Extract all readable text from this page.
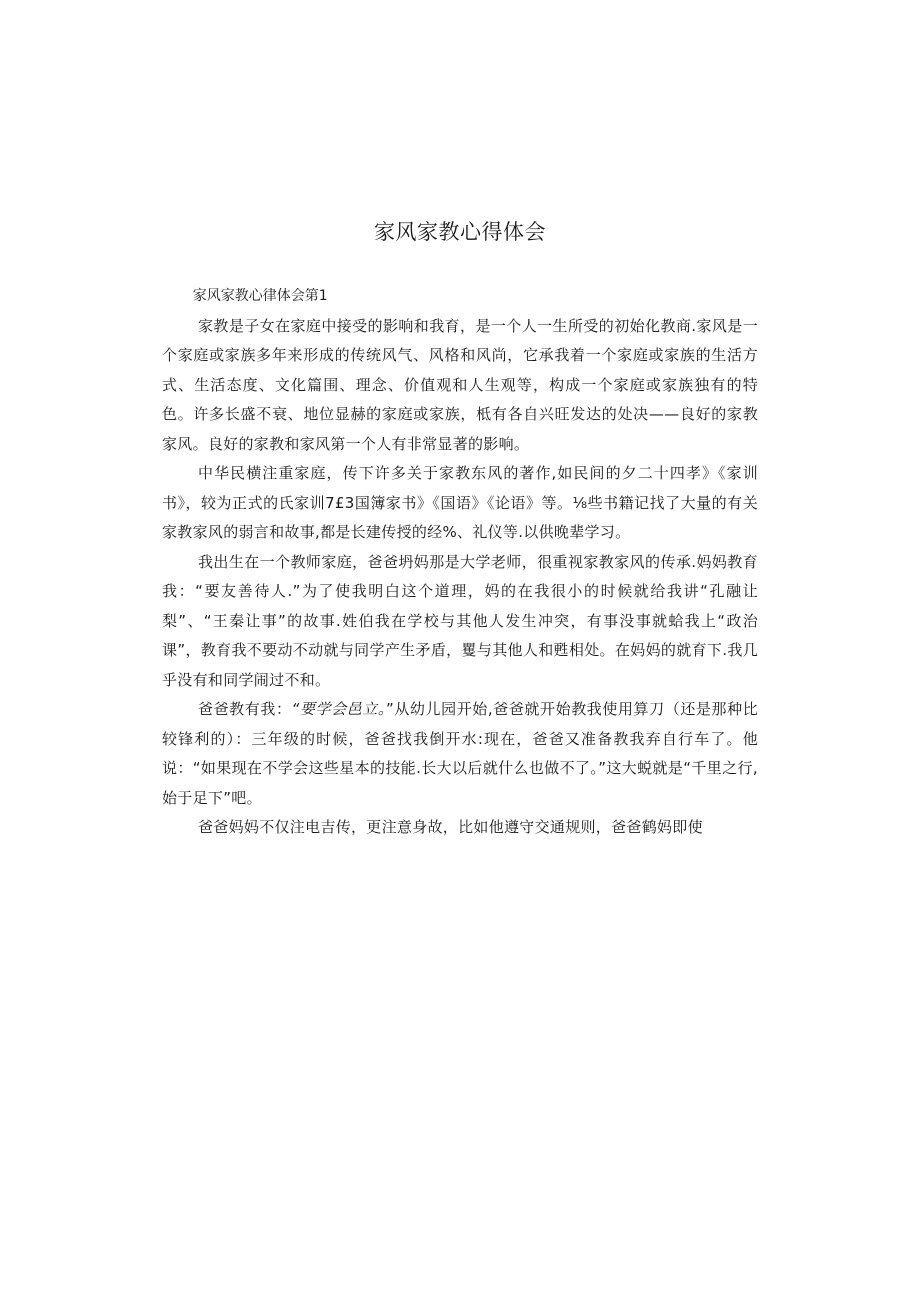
家风家教心得体会

家风家教心律体会第1

家教是子女在家庭中接受的影响和我育，是一个人一生所受的初始化教商.家风是一个家庭或家族多年来形成的传统风气、风格和风尚，它承我着一个家庭或家族的生活方式、生活态度、文化篇围、理念、价值观和人生观等，构成一个家庭或家族独有的特色。许多长盛不衰、地位显赫的家庭或家族，柢有各自兴旺发达的处决——良好的家教家风。良好的家教和家风第一个人有非常显著的影响。

中华民横注重家庭，传下许多关于家教东风的著作,如民间的夕二十四孝》《家训书》，较为正式的氏家训7£3国簿家书》《国语》《论语》等。⅛些书籍记找了大量的有关家教家风的弱言和故事,都是长建传授的经%、礼仪等.以供晚辈学习。

我出生在一个教师家庭，爸爸坍妈那是大学老师，很重视家教家风的传承.妈妈教育我：“要友善待人.”为了使我明白这个道理，妈的在我很小的时候就给我讲“孔融让梨”、“王秦让事”的故事.姓伯我在学校与其他人发生冲突，有事没事就蛤我上“政治课”，教育我不要动不动就与同学产生矛盾，矍与其他人和甦相处。在妈妈的就育下.我几乎没有和同学闹过不和。

爸爸教有我：“要学会邑立。”从幼儿园开始,爸爸就开始教我使用算刀（还是那种比较锋利的）：三年级的时候，爸爸找我倒开水:现在，爸爸又准备教我弃自行车了。他说：“如果现在不学会这些星本的技能.长大以后就什么也做不了。”这大蜕就是“千里之行,始于足下”吧。

爸爸妈妈不仅注电吉传，更注意身故，比如他遵守交通规则，爸爸鹤妈即使
